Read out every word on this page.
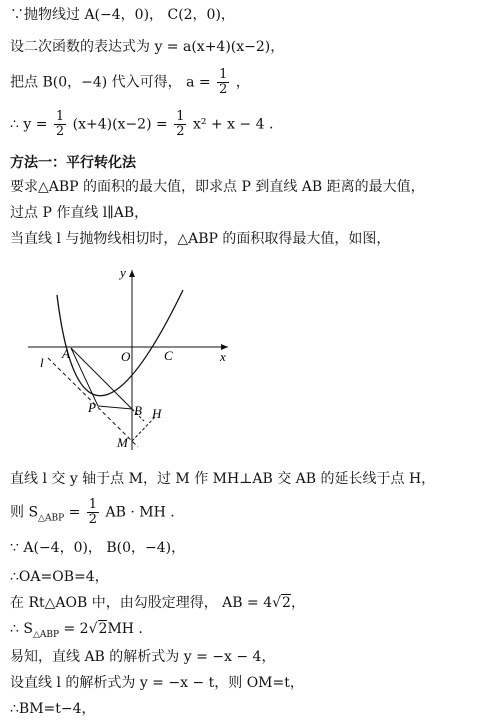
∵抛物线过 A(−4，0)， C(2，0)，
设二次函数的表达式为 y = a(x+4)(x−2)，
把点 B(0，−4) 代入可得， $a = \frac{1}{2}$ ，
∴ $y = \frac{1}{2} (x+4)(x-2) = \frac{1}{2} x^2 + x - 4$ .
方法一：平行转化法
要求△ABP 的面积的最大值，即求点 P 到直线 AB 距离的最大值，
过点 P 作直线 l∥AB，
当直线 l 与抛物线相切时，△ABP 的面积取得最大值，如图，
y
x
A	O	C
P	B H
M
l
直线 l 交 y 轴于点 M，过 M 作 MH⊥AB 交 AB 的延长线于点 H，
则 $S_{\triangle ABP} = \frac{1}{2}$ AB · MH .
∵ A(−4，0)， B(0，−4)，
∴OA=OB=4，
在 Rt△AOB 中，由勾股定理得， AB = 4√2，
∴ $S_{\triangle ABP} = 2√2MH$ .
易知，直线 AB 的解析式为 y = −x − 4，
设直线 l 的解析式为 y = −x − t，则 OM=t，
∴BM=t−4，
